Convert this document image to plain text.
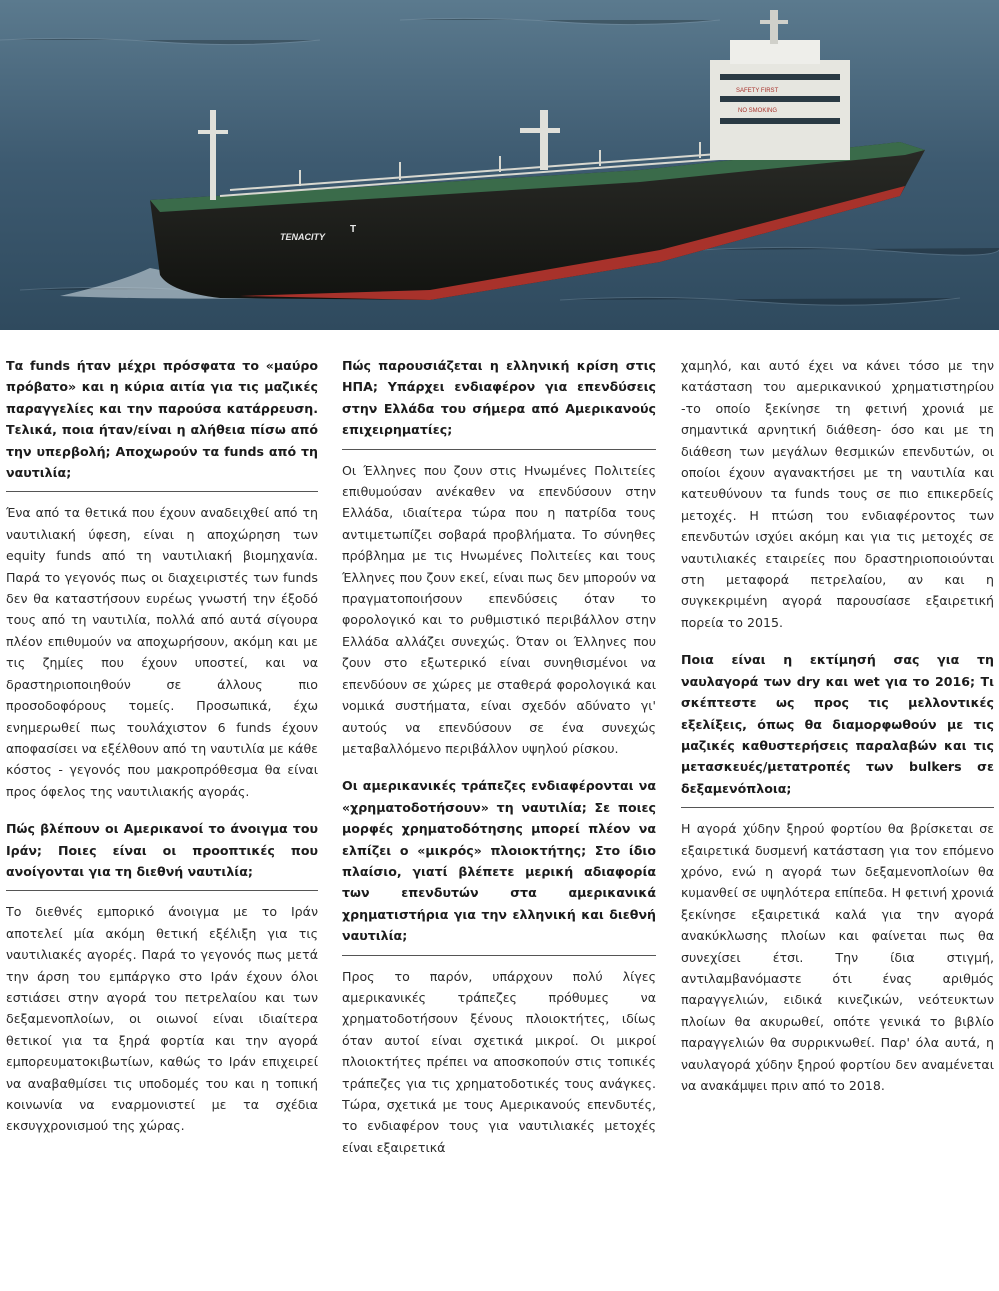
SAFETY FIRST
NO SMOKING
TENACITY
T

Τα funds ήταν μέχρι πρόσφατα το «μαύρο πρόβατο» και η κύρια αιτία για τις μαζικές παραγγελίες και την παρούσα κατάρρευση. Τελικά, ποια ήταν/είναι η αλήθεια πίσω από την υπερβολή; Αποχωρούν τα funds από τη ναυτιλία;

Ένα από τα θετικά που έχουν αναδειχθεί από τη ναυτιλιακή ύφεση, είναι η αποχώρηση των equity funds από τη ναυτιλιακή βιομηχανία. Παρά το γεγονός πως οι διαχειριστές των funds δεν θα καταστήσουν ευρέως γνωστή την έξοδό τους από τη ναυτιλία, πολλά από αυτά σίγουρα πλέον επιθυμούν να αποχωρήσουν, ακόμη και με τις ζημίες που έχουν υποστεί, και να δραστηριοποιηθούν σε άλλους πιο προσοδοφόρους τομείς. Προσωπικά, έχω ενημερωθεί πως τουλάχιστον 6 funds έχουν αποφασίσει να εξέλθουν από τη ναυτιλία με κάθε κόστος - γεγονός που μακροπρόθεσμα θα είναι προς όφελος της ναυτιλιακής αγοράς.

Πώς βλέπουν οι Αμερικανοί το άνοιγμα του Ιράν; Ποιες είναι οι προοπτικές που ανοίγονται για τη διεθνή ναυτιλία;

Το διεθνές εμπορικό άνοιγμα με το Ιράν αποτελεί μία ακόμη θετική εξέλιξη για τις ναυτιλιακές αγορές. Παρά το γεγονός πως μετά την άρση του εμπάργκο στο Ιράν έχουν όλοι εστιάσει στην αγορά του πετρελαίου και των δεξαμενοπλοίων, οι οιωνοί είναι ιδιαίτερα θετικοί για τα ξηρά φορτία και την αγορά εμπορευματοκιβωτίων, καθώς το Ιράν επιχειρεί να αναβαθμίσει τις υποδομές του και η τοπική κοινωνία να εναρμονιστεί με τα σχέδια εκσυγχρονισμού της χώρας.

Πώς παρουσιάζεται η ελληνική κρίση στις ΗΠΑ; Υπάρχει ενδιαφέρον για επενδύσεις στην Ελλάδα του σήμερα από Αμερικανούς επιχειρηματίες;

Οι Έλληνες που ζουν στις Ηνωμένες Πολιτείες επιθυμούσαν ανέκαθεν να επενδύσουν στην Ελλάδα, ιδιαίτερα τώρα που η πατρίδα τους αντιμετωπίζει σοβαρά προβλήματα. Το σύνηθες πρόβλημα με τις Ηνωμένες Πολιτείες και τους Έλληνες που ζουν εκεί, είναι πως δεν μπορούν να πραγματοποιήσουν επενδύσεις όταν το φορολογικό και το ρυθμιστικό περιβάλλον στην Ελλάδα αλλάζει συνεχώς. Όταν οι Έλληνες που ζουν στο εξωτερικό είναι συνηθισμένοι να επενδύουν σε χώρες με σταθερά φορολογικά και νομικά συστήματα, είναι σχεδόν αδύνατο γι' αυτούς να επενδύσουν σε ένα συνεχώς μεταβαλλόμενο περιβάλλον υψηλού ρίσκου.

Οι αμερικανικές τράπεζες ενδιαφέρονται να «χρηματοδοτήσουν» τη ναυτιλία; Σε ποιες μορφές χρηματοδότησης μπορεί πλέον να ελπίζει ο «μικρός» πλοιοκτήτης; Στο ίδιο πλαίσιο, γιατί βλέπετε μερική αδιαφορία των επενδυτών στα αμερικανικά χρηματιστήρια για την ελληνική και διεθνή ναυτιλία;

Προς το παρόν, υπάρχουν πολύ λίγες αμερικανικές τράπεζες πρόθυμες να χρηματοδοτήσουν ξένους πλοιοκτήτες, ιδίως όταν αυτοί είναι σχετικά μικροί. Οι μικροί πλοιοκτήτες πρέπει να αποσκοπούν στις τοπικές τράπεζες για τις χρηματοδοτικές τους ανάγκες. Τώρα, σχετικά με τους Αμερικανούς επενδυτές, το ενδιαφέρον τους για ναυτιλιακές μετοχές είναι εξαιρετικά

χαμηλό, και αυτό έχει να κάνει τόσο με την κατάσταση του αμερικανικού χρηματιστηρίου -το οποίο ξεκίνησε τη φετινή χρονιά με σημαντικά αρνητική διάθεση- όσο και με τη διάθεση των μεγάλων θεσμικών επενδυτών, οι οποίοι έχουν αγανακτήσει με τη ναυτιλία και κατευθύνουν τα funds τους σε πιο επικερδείς μετοχές. Η πτώση του ενδιαφέροντος των επενδυτών ισχύει ακόμη και για τις μετοχές σε ναυτιλιακές εταιρείες που δραστηριοποιούνται στη μεταφορά πετρελαίου, αν και η συγκεκριμένη αγορά παρουσίασε εξαιρετική πορεία το 2015.

Ποια είναι η εκτίμησή σας για τη ναυλαγορά των dry και wet για το 2016; Τι σκέπτεστε ως προς τις μελλοντικές εξελίξεις, όπως θα διαμορφωθούν με τις μαζικές καθυστερήσεις παραλαβών και τις μετασκευές/μετατροπές των bulkers σε δεξαμενόπλοια;

Η αγορά χύδην ξηρού φορτίου θα βρίσκεται σε εξαιρετικά δυσμενή κατάσταση για τον επόμενο χρόνο, ενώ η αγορά των δεξαμενοπλοίων θα κυμανθεί σε υψηλότερα επίπεδα. Η φετινή χρονιά ξεκίνησε εξαιρετικά καλά για την αγορά ανακύκλωσης πλοίων και φαίνεται πως θα συνεχίσει έτσι. Την ίδια στιγμή, αντιλαμβανόμαστε ότι ένας αριθμός παραγγελιών, ειδικά κινεζικών, νεότευκτων πλοίων θα ακυρωθεί, οπότε γενικά το βιβλίο παραγγελιών θα συρρικνωθεί. Παρ' όλα αυτά, η ναυλαγορά χύδην ξηρού φορτίου δεν αναμένεται να ανακάμψει πριν από το 2018.
